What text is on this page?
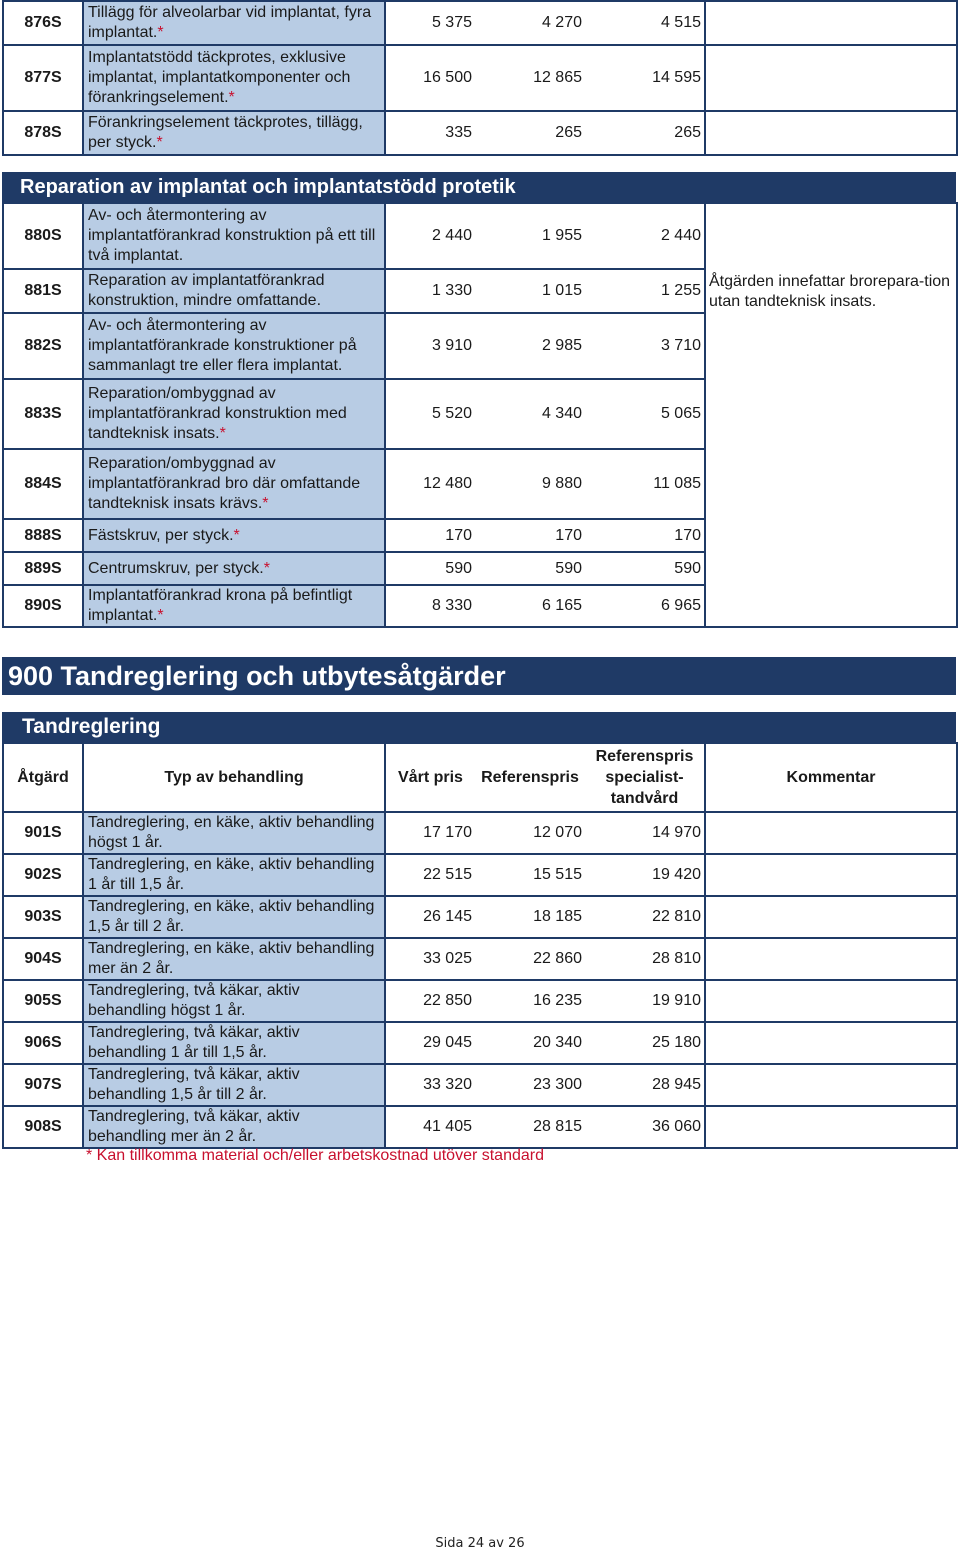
876S	Tillägg för alveolarbar vid implantat, fyra implantat.*	5 375	4 270	4 515	
877S	Implantatstödd täckprotes, exklusive implantat, implantatkomponenter och förankringselement.*	16 500	12 865	14 595	
878S	Förankringselement täckprotes, tillägg, per styck.*	335	265	265	
Reparation av implantat och implantatstödd protetik
880S	Av- och återmontering av implantatförankrad konstruktion på ett till två implantat.	2 440	1 955	2 440	Åtgärden innefattar brorepara-tion utan tandteknisk insats.

881S	Reparation av implantatförankrad konstruktion, mindre omfattande.	1 330	1 015	1 255	
882S	Av- och återmontering av implantatförankrade konstruktioner på sammanlagt tre eller flera implantat.	3 910	2 985	3 710	
883S	Reparation/ombyggnad av implantatförankrad konstruktion med tandteknisk insats.*	5 520	4 340	5 065	
884S	Reparation/ombyggnad av implantatförankrad bro där omfattande tandteknisk insats krävs.*	12 480	9 880	11 085	
888S	Fästskruv, per styck.*	170	170	170	
889S	Centrumskruv, per styck.*	590	590	590	
890S	Implantatförankrad krona på befintligt implantat.*	8 330	6 165	6 965	
900 Tandreglering och utbytesåtgärder
Tandreglering
Åtgärd	Typ av behandling	Vårt pris	Referenspris	Referenspris specialist-tandvård	Kommentar
901S	Tandreglering, en käke, aktiv behandling högst 1 år.	17 170	12 070	14 970	
902S	Tandreglering, en käke, aktiv behandling 1 år till 1,5 år.	22 515	15 515	19 420	
903S	Tandreglering, en käke, aktiv behandling 1,5 år till 2 år.	26 145	18 185	22 810	
904S	Tandreglering, en käke, aktiv behandling mer än 2 år.	33 025	22 860	28 810	
905S	Tandreglering, två käkar, aktiv behandling högst 1 år.	22 850	16 235	19 910	
906S	Tandreglering, två käkar, aktiv behandling 1 år till 1,5 år.	29 045	20 340	25 180	
907S	Tandreglering, två käkar, aktiv behandling 1,5 år till 2 år.	33 320	23 300	28 945	
908S	Tandreglering, två käkar, aktiv behandling mer än 2 år.	41 405	28 815	36 060	
* Kan tillkomma material och/eller arbetskostnad utöver standard
Sida 24 av 26
